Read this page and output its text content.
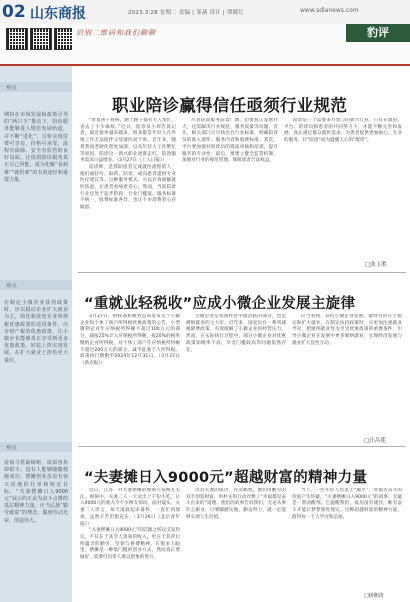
02 山东商报	2023.3.28 星期二 责编 | 邹菡 设计 | 谭媛红	www.sdlanews.com
识别二维码和我们聊聊	豹评
观点
期待在市场发展和政策引导的“两只手”推动下，陪诊服务能够进入规范发展轨道，并不断“进化”，尽快实现付费可享有、价格可承受、流程有保障、安全有监管的良好局面，让优质陪诊服务真正尽己所能，成为化解“看病难”“就医难”的有效途径和重要力量。
观点
在制定小微企业扶持政策时，应以稳动企业扩大就业为主，简化和放宽企业所得税优惠政策的适用条件，出台财产税的优惠政策，让小微企业能够真正享受到更多优惠政策，轻装上阵实现发展，在扩大就业上担负更大重任。
观点
看似寻常最崎岖，成如容易却艰辛。没有人能够随随便便成功，摆摊创业虽没有惊天动地的壮举和恢宏目标，“夫妻摆摊日入9000元”展示的正是为奋斗点赞的基层精神力量，应当弘扬“勤劳致富”的理念，做到劳动光荣、创造伟大。
职业陪诊赢得信任亟须行业规范

“带着孩子看病，跑上跑下都有专人帮忙，省去了不少麻烦。”近日，陪诊员小周告诉记者，最近接单越来越多，很多都是年轻人在外地工作无法陪伴父母就医而下单。近年来，随着我国老龄化程度加深，以及年轻人工作繁忙等原因，陪诊这一新兴职业逐渐走红，陪诊服务需求日益增多。（3月27日《工人日报》）

陪诊师，是帮助患者完成就医流程的人，他们或挂号、取药、陪诊，或向患者提供专业医疗建议等。这种服务模式，可以有效缓解就医焦虑，让患者看病更省心。然而，当前陪诊行业还处于起步阶段，行业门槛低、服务标准不统一，收费标准各异，也让不少消费者心存疑虑。

尽管陪诊服务前景广阔，但要真正发展壮大，还需解决行业规范、服务质量等问题。首先，相关部门应尽快出台行业标准，明确陪诊员的准入条件、服务内容和收费标准；其次，平台要加强对陪诊员的资质审核和培训，提升服务的专业性；最后，要建立健全监管机制，加强对行业的规范管理，保障患者合法权益。

陪诊是一个需要多方参与的新兴行业，只有在政府、平台、陪诊员和患者的共同努力下，才能不断完善和发展，真正满足群众就医需求，为患者提供更加贴心、专业的服务，让“陪诊”成为温暖人心的“配诊”。

□张玉胜
“重就业轻税收”应成小微企业发展主旋律

3月27日，财政部和税务总局发布关于小微企业和个体工商户所得税优惠政策的公告，小型微利企业年应纳税所得额不超过100万元的部分，减按25%计入应纳税所得额，按20%的税率缴纳企业所得税。对个体工商户年应纳税所得额不超过200万元的部分，减半征收个人所得税。政策执行期限至2024年12月31日。（3月27日《新京报》）

小微企业是我国经济中最活跃的部分，也是吸纳就业的主力军。近年来，国家出台一系列减税降费政策，有效缓解了小微企业的经营压力。然而，在实际执行过程中，部分小微企业对优惠政策知晓率不高、享受门槛较高等问题依然存在。

应当看到，扶持小微企业发展，最终目的在于稳定和扩大就业。在制定扶持政策时，应更加注重就业导向，把吸纳就业作为享受优惠政策的重要条件，引导小微企业在发展中更多吸纳就业，实现经济发展与就业扩大良性互动。

□汪昌莲
“夫妻摊日入9000元”超越财富的精神力量

近日，江苏一对夫妻摆摊的视频引发网友关注。视频中，夫妻二人一天卖出上千份小吃，日入9000元的收入令不少网友惊叹。面对镜头，夫妻二人坦言，每天凌晨起床备料，一直忙到深夜，虽然辛苦但很充实。（3月26日《北京青年报》）

“夫妻摆摊日入9000元”的话题之所以引发热议，不仅在于其令人羡慕的收入，更在于其背后所蕴含的勤劳、坚韧与拼搏精神。在很多人眼里，摆摊是一种低门槛的创业方式，然而真正要做好，需要付出常人难以想象的努力。

这对夫妻的成功，并非偶然。他们用勤劳的双手创造财富，用朴实的行动诠释了“幸福都是奋斗出来的”道理。他们的故事告诉我们，无论从事什么职业，只要脚踏实地、勤奋努力，就一定能够实现人生价值。

当下，一些年轻人热衷于“躺平”，对艰苦奋斗的价值产生怀疑。“夫妻摆摊日入9000元”的故事，无疑是一剂清醒剂。它提醒我们，成功没有捷径，唯有奋斗才能让梦想照进现实。这种超越财富的精神力量，值得每一个人学习和弘扬。

□杨朝清
